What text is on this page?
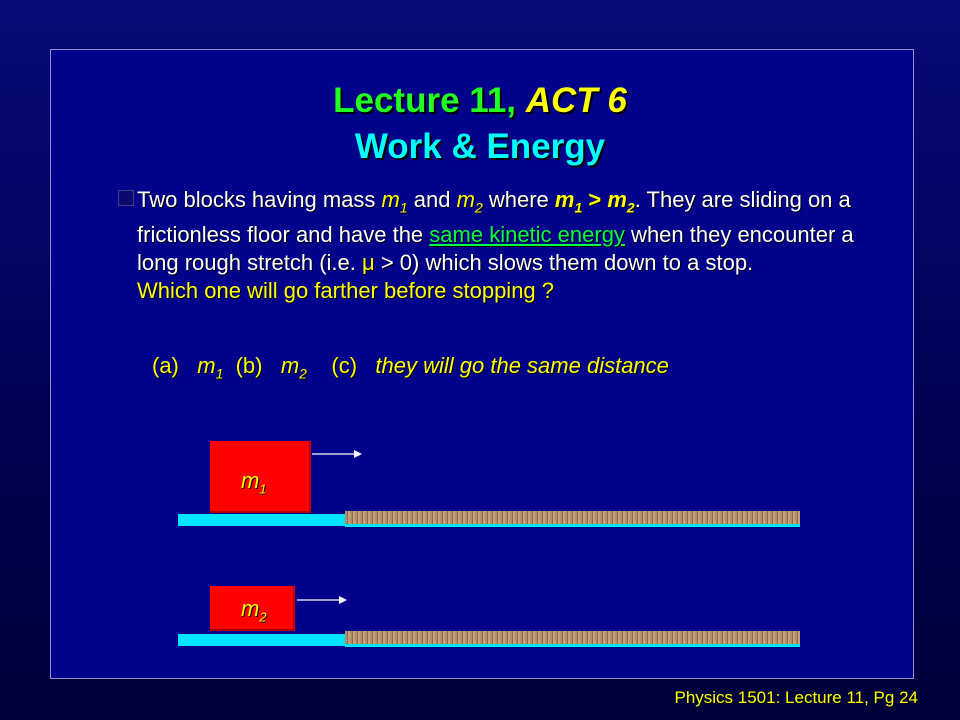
Lecture 11, ACT 6
Work & Energy
Two blocks having mass $m_1$ and $m_2$ where $m_1 > m_2$. They are sliding on a frictionless floor and have the same kinetic energy when they encounter a long rough stretch (i.e. μ > 0) which slows them down to a stop.
Which one will go farther before stopping ?
(a) $m_1$ (b) $m_2$ (c) they will go the same distance
$m_1$
$m_2$
Physics 1501: Lecture 11, Pg 24
